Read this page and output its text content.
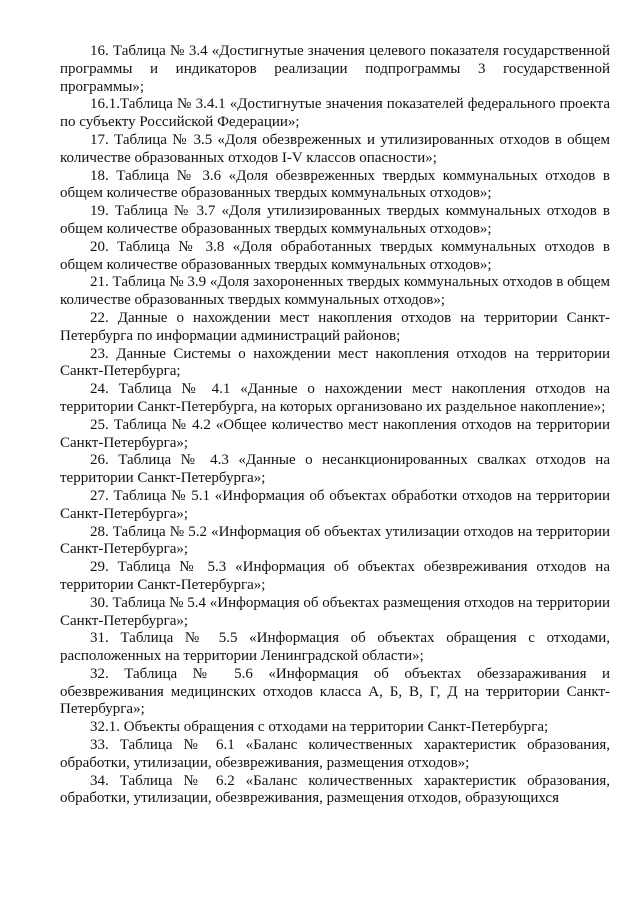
16. Таблица № 3.4 «Достигнутые значения целевого показателя государственной программы и индикаторов реализации подпрограммы 3 государственной программы»;

16.1.Таблица № 3.4.1 «Достигнутые значения показателей федерального проекта по субъекту Российской Федерации»;

17. Таблица № 3.5 «Доля обезвреженных и утилизированных отходов в общем количестве образованных отходов I-V классов опасности»;

18. Таблица № 3.6 «Доля обезвреженных твердых коммунальных отходов в общем количестве образованных твердых коммунальных отходов»;

19. Таблица № 3.7 «Доля утилизированных твердых коммунальных отходов в общем количестве образованных твердых коммунальных отходов»;

20. Таблица № 3.8 «Доля обработанных твердых коммунальных отходов в общем количестве образованных твердых коммунальных отходов»;

21. Таблица № 3.9 «Доля захороненных твердых коммунальных отходов в общем количестве образованных твердых коммунальных отходов»;

22. Данные о нахождении мест накопления отходов на территории Санкт-Петербурга по информации администраций районов;

23. Данные Системы о нахождении мест накопления отходов на территории Санкт-Петербурга;

24. Таблица № 4.1 «Данные о нахождении мест накопления отходов на территории Санкт-Петербурга, на которых организовано их раздельное накопление»;

25. Таблица № 4.2 «Общее количество мест накопления отходов на территории Санкт-Петербурга»;

26. Таблица № 4.3 «Данные о несанкционированных свалках отходов на территории Санкт-Петербурга»;

27. Таблица № 5.1 «Информация об объектах обработки отходов на территории Санкт-Петербурга»;

28. Таблица № 5.2 «Информация об объектах утилизации отходов на территории Санкт-Петербурга»;

29. Таблица № 5.3 «Информация об объектах обезвреживания отходов на территории Санкт-Петербурга»;

30. Таблица № 5.4 «Информация об объектах размещения отходов на территории Санкт-Петербурга»;

31. Таблица № 5.5 «Информация об объектах обращения с отходами, расположенных на территории Ленинградской области»;

32. Таблица № 5.6 «Информация об объектах обеззараживания и обезвреживания медицинских отходов класса А, Б, В, Г, Д на территории Санкт-Петербурга»;

32.1. Объекты обращения с отходами на территории Санкт-Петербурга;

33. Таблица № 6.1 «Баланс количественных характеристик образования, обработки, утилизации, обезвреживания, размещения отходов»;

34. Таблица № 6.2 «Баланс количественных характеристик образования, обработки, утилизации, обезвреживания, размещения отходов, образующихся
